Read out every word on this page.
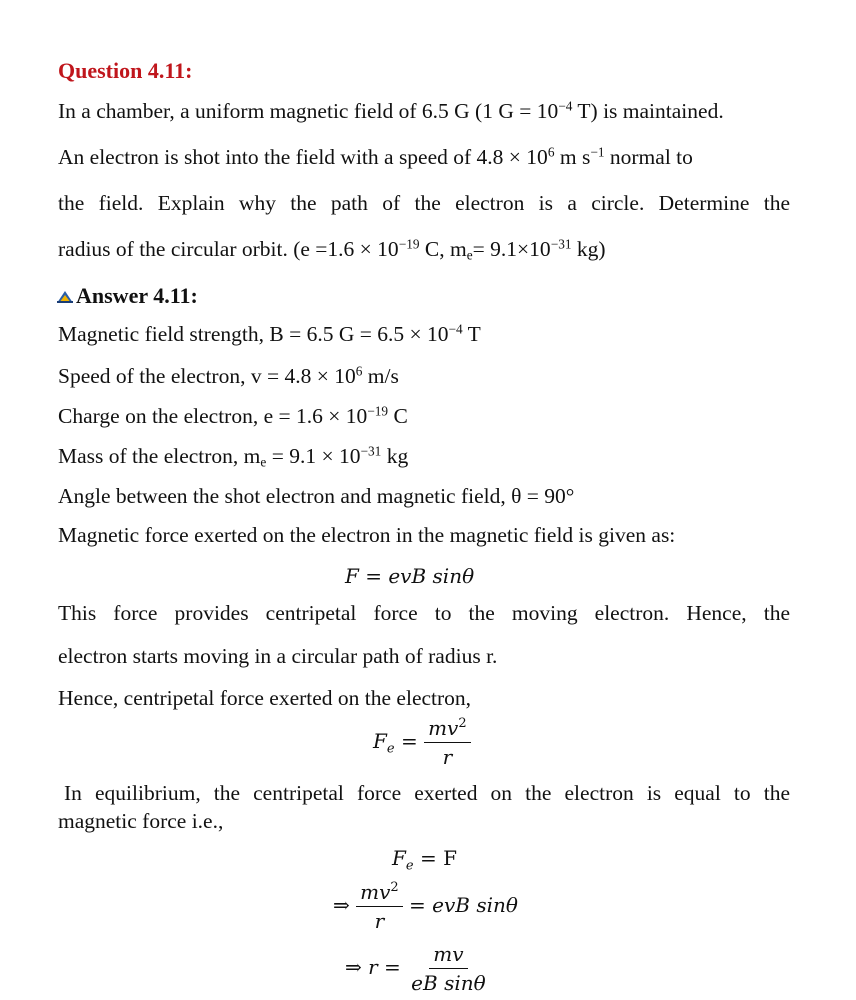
Question 4.11:
In a chamber, a uniform magnetic field of 6.5 G (1 $G = 10^{-4}$ T) is maintained.
An electron is shot into the field with a speed of $4.8 \times 10^6$ m $s^{-1}$ normal to
the field. Explain why the path of the electron is a circle. Determine the
radius of the circular orbit. ($e =1.6 \times 10^{-19}$ C, $m_e= 9.1\times 10^{-31}$ kg)
Answer 4.11:
Magnetic field strength, B = 6.5 $G = 6.5 \times 10^{-4}$ T
Speed of the electron, $v = 4.8 \times 10^6$ m/s
Charge on the electron, $e = 1.6 \times 10^{-19}$ C
Mass of the electron, $m_e = 9.1 \times 10^{-31}$ kg
Angle between the shot electron and magnetic field, θ = 90°
Magnetic force exerted on the electron in the magnetic field is given as:
F = evB sinθ
This force provides centripetal force to the moving electron. Hence, the
electron starts moving in a circular path of radius r.
Hence, centripetal force exerted on the electron,
$F_e = \frac{mv^2}{r}$
In equilibrium, the centripetal force exerted on the electron is equal to the
magnetic force i.e.,
$F_e = F$
⇒ $\frac{mv^2}{r}$ = evB sinθ
⇒ $r = \frac{mv}{\text{eB sinθ}}$
